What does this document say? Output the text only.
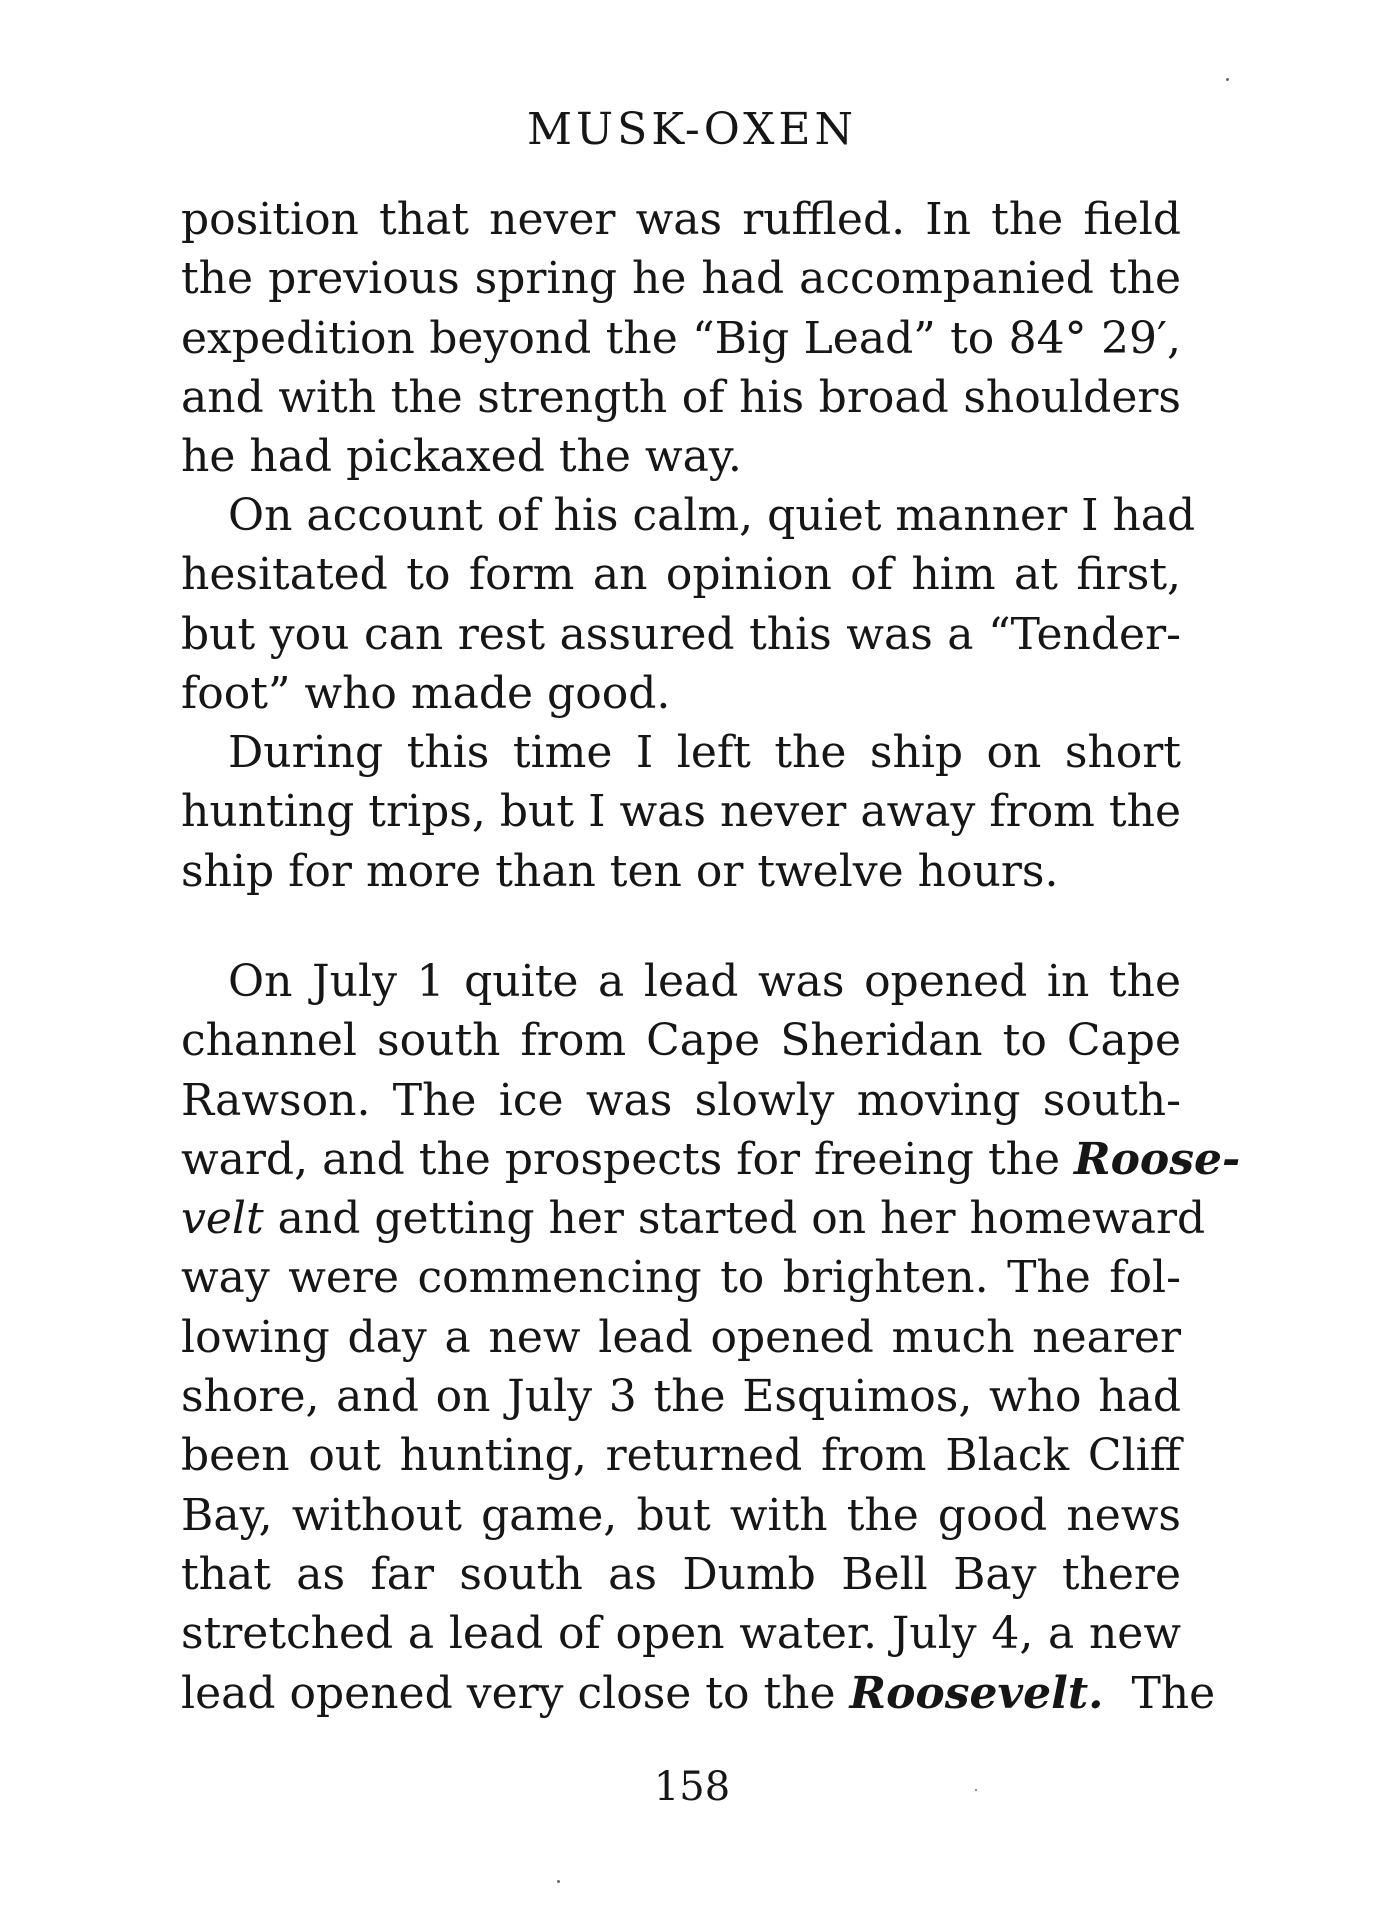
MUSK-OXEN
position that never was ruffled. In the field
the previous spring he had accompanied the
expedition beyond the “Big Lead” to 84° 29′,
and with the strength of his broad shoulders
he had pickaxed the way.
On account of his calm, quiet manner I had
hesitated to form an opinion of him at first,
but you can rest assured this was a “Tender-
foot” who made good.
During this time I left the ship on short
hunting trips, but I was never away from the
ship for more than ten or twelve hours.
On July 1 quite a lead was opened in the
channel south from Cape Sheridan to Cape
Rawson. The ice was slowly moving south-
ward, and the prospects for freeing the Roose-
velt and getting her started on her homeward
way were commencing to brighten. The fol-
lowing day a new lead opened much nearer
shore, and on July 3 the Esquimos, who had
been out hunting, returned from Black Cliff
Bay, without game, but with the good news
that as far south as Dumb Bell Bay there
stretched a lead of open water. July 4, a new
lead opened very close to the Roosevelt. The
158
